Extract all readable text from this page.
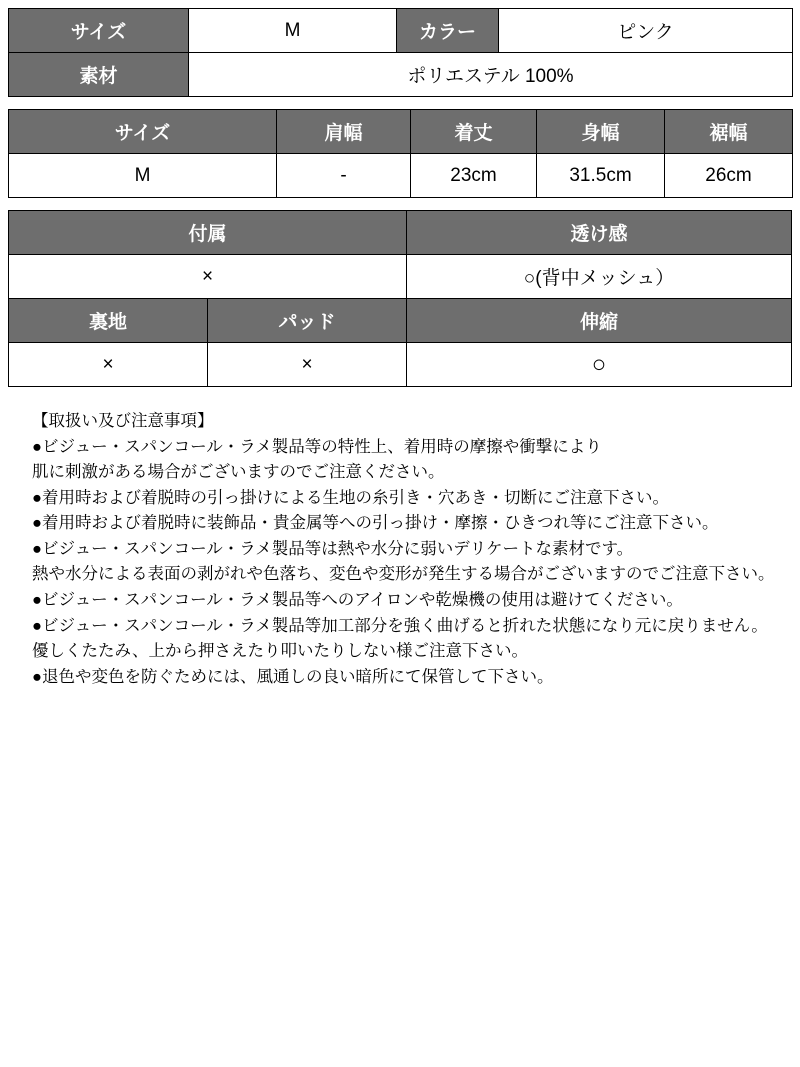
サイズ	M	カラー	ピンク
素材	ポリエステル 100%		
サイズ	肩幅	着丈	身幅	裾幅
M	-	23cm	31.5cm	26cm
付属		透け感
×		○(背中メッシュ）
裏地	パッド	伸縮
×	×	○
【取扱い及び注意事項】
●ビジュー・スパンコール・ラメ製品等の特性上、着用時の摩擦や衝撃により
肌に刺激がある場合がございますのでご注意ください。
●着用時および着脱時の引っ掛けによる生地の糸引き・穴あき・切断にご注意下さい。
●着用時および着脱時に装飾品・貴金属等への引っ掛け・摩擦・ひきつれ等にご注意下さい。
●ビジュー・スパンコール・ラメ製品等は熱や水分に弱いデリケートな素材です。
熱や水分による表面の剥がれや色落ち、変色や変形が発生する場合がございますのでご注意下さい。
●ビジュー・スパンコール・ラメ製品等へのアイロンや乾燥機の使用は避けてください。
●ビジュー・スパンコール・ラメ製品等加工部分を強く曲げると折れた状態になり元に戻りません。
優しくたたみ、上から押さえたり叩いたりしない様ご注意下さい。
●退色や変色を防ぐためには、風通しの良い暗所にて保管して下さい。
